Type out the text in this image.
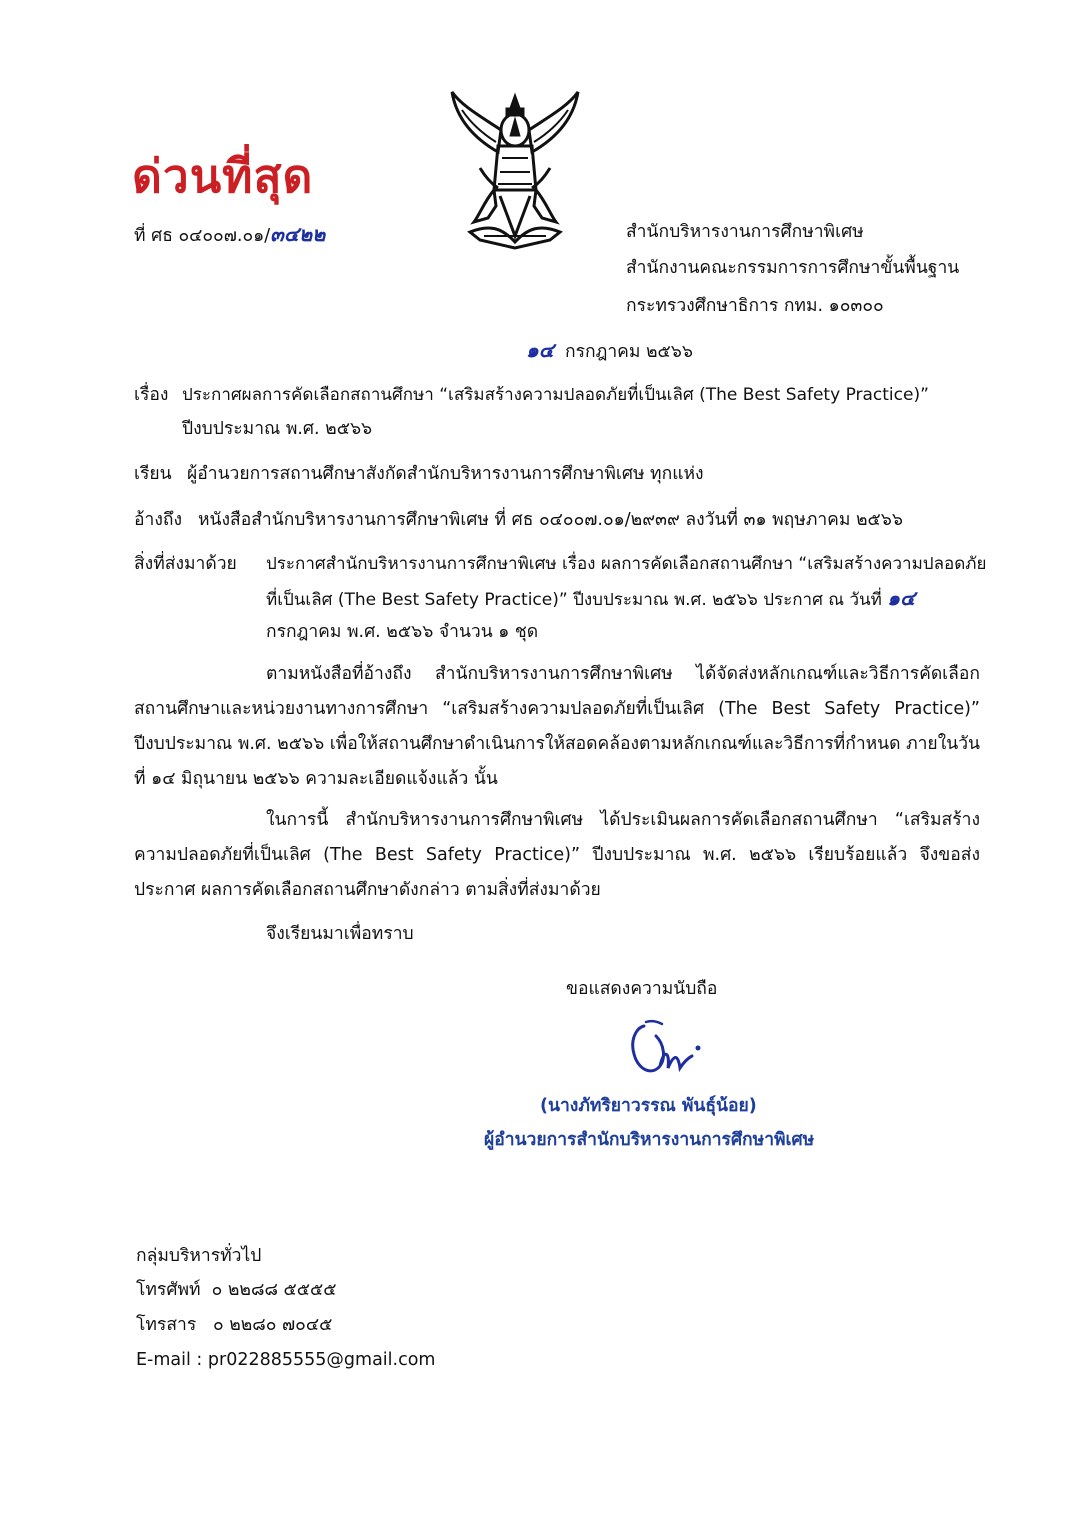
ด่วนที่สุด
ที่ ศธ ๐๔๐๐๗.๐๑/๓๔๒๒	สำนักบริหารงานการศึกษาพิเศษ
สำนักงานคณะกรรมการการศึกษาขั้นพื้นฐาน
กระทรวงศึกษาธิการ กทม. ๑๐๓๐๐
๑๔ กรกฎาคม ๒๕๖๖
เรื่อง ประกาศผลการคัดเลือกสถานศึกษา “เสริมสร้างความปลอดภัยที่เป็นเลิศ (The Best Safety Practice)”
ปีงบประมาณ พ.ศ. ๒๕๖๖
เรียน ผู้อำนวยการสถานศึกษาสังกัดสำนักบริหารงานการศึกษาพิเศษ ทุกแห่ง
อ้างถึง หนังสือสำนักบริหารงานการศึกษาพิเศษ ที่ ศธ ๐๔๐๐๗.๐๑/๒๙๓๙ ลงวันที่ ๓๑ พฤษภาคม ๒๕๖๖
สิ่งที่ส่งมาด้วย ประกาศสำนักบริหารงานการศึกษาพิเศษ เรื่อง ผลการคัดเลือกสถานศึกษา “เสริมสร้างความปลอดภัย
ที่เป็นเลิศ (The Best Safety Practice)” ปีงบประมาณ พ.ศ. ๒๕๖๖ ประกาศ ณ วันที่ ๑๔
กรกฎาคม พ.ศ. ๒๕๖๖ จำนวน ๑ ชุด
ตามหนังสือที่อ้างถึง สำนักบริหารงานการศึกษาพิเศษ ได้จัดส่งหลักเกณฑ์และวิธีการคัดเลือก สถานศึกษาและหน่วยงานทางการศึกษา “เสริมสร้างความปลอดภัยที่เป็นเลิศ (The Best Safety Practice)” ปีงบประมาณ พ.ศ. ๒๕๖๖ เพื่อให้สถานศึกษาดำเนินการให้สอดคล้องตามหลักเกณฑ์และวิธีการที่กำหนด ภายในวันที่ ๑๔ มิถุนายน ๒๕๖๖ ความละเอียดแจ้งแล้ว นั้น
ในการนี้ สำนักบริหารงานการศึกษาพิเศษ ได้ประเมินผลการคัดเลือกสถานศึกษา “เสริมสร้าง ความปลอดภัยที่เป็นเลิศ (The Best Safety Practice)” ปีงบประมาณ พ.ศ. ๒๕๖๖ เรียบร้อยแล้ว จึงขอส่งประกาศ ผลการคัดเลือกสถานศึกษาดังกล่าว ตามสิ่งที่ส่งมาด้วย
จึงเรียนมาเพื่อทราบ
ขอแสดงความนับถือ
(นางภัทริยาวรรณ พันธุ์น้อย)
ผู้อำนวยการสำนักบริหารงานการศึกษาพิเศษ
กลุ่มบริหารทั่วไป
โทรศัพท์ ๐ ๒๒๘๘ ๕๕๕๕
โทรสาร ๐ ๒๒๘๐ ๗๐๔๕
E-mail : pr022885555@gmail.com
